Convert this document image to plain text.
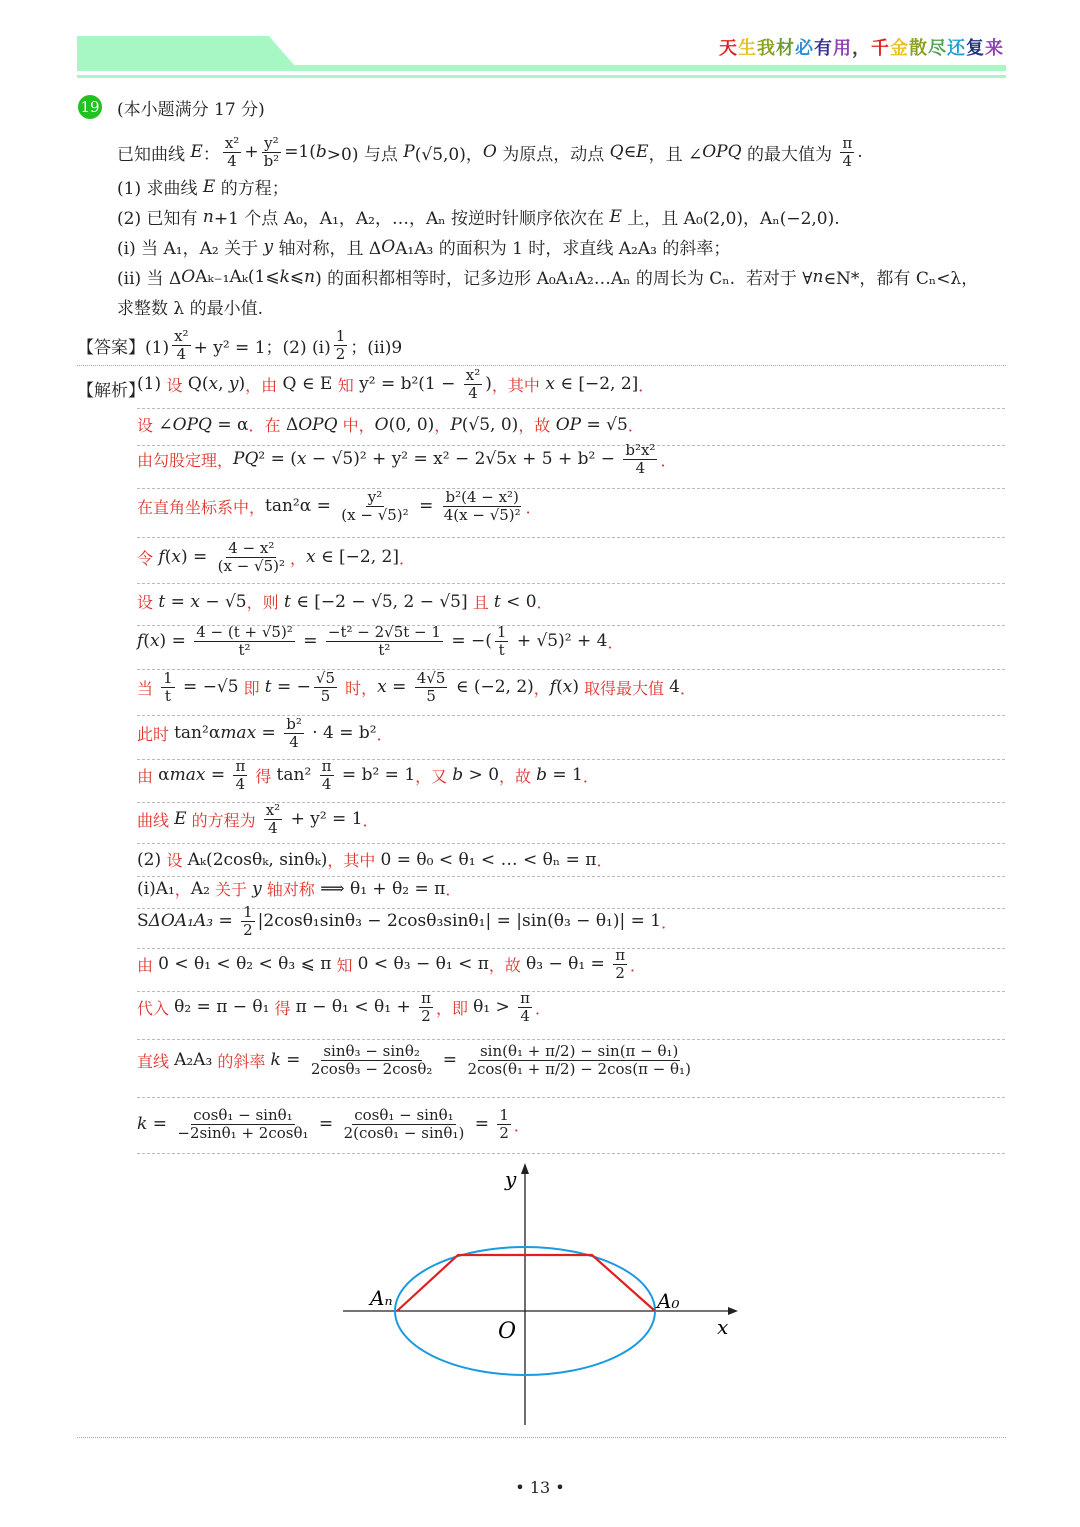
天生我材必有用，千金散尽还复来
19
y
x
O
A₀
Aₙ
• 13 •
(本小题满分 17 分)
已知曲线 E ： $\frac{\text{x²}}{4} + \frac{\text{y²}}{\text{b²}} =1$( b >0) 与点 P (√5,0)， O 为原点，动点 Q ∈ E ，且 ∠ OPQ 的最大值为 $\frac{\pi}{4}$ .
(1) 求曲线 E 的方程；
(2) 已知有 n +1 个点 A₀，A₁，A₂，…，Aₙ 按逆时针顺序依次在 E 上，且 A₀(2,0)，Aₙ(−2,0).
(i) 当 A₁，A₂ 关于 y 轴对称，且 Δ O A₁A₃ 的面积为 1 时，求直线 A₂A₃ 的斜率；
(ii) 当 Δ O Aₖ₋₁Aₖ(1⩽ k ⩽ n ) 的面积都相等时，记多边形 A₀A₁A₂…Aₙ 的周长为 Cₙ.  若对于 ∀ n ∈N*，都有 Cₙ<λ，
求整数 λ 的最小值.
【答案】$(1) \frac{\text{x²}}{4} + y^2 = 1$；(2) $(i) \frac{1}{2}$ ；(ii)9
【解析】
(1) 设 Q( x , y ) ，由 Q ∈ E 知 $y^2 = b^2(1 - \frac{\text{x²}}{4}$ ) ，其中
x ∈ [−2, 2] ．
设 ∠ OPQ = α ．在 Δ OPQ 中， O (0, 0) ， P (√5, 0) ，故
OP = √5 ．
由勾股定理， PQ ² = ( x − √5)² + y² = x² − 2√5 $x + 5 + b^2 - \frac{\text{b²x²}}{4}$ ．
在直角坐标系中， $\tan^2\alpha = \frac{\text{y²}}{\text{(x − √5)²}} = \frac{\text{b²(4 − x²)}}{\text{4(x − √5)²}}$ ．
令
f ( x ) = $\frac{\text{4 − x²}}{\text{(x − √5)²}}$ ， x ∈ [−2, 2] ．
设
t = x − √5 ，则
t ∈ [−2 − √5, 2 − √5] 且 t < 0 ．
f ( x ) = $\frac{\text{4 − (t + √5)²}}{\text{t²}} = \frac{\text{−t² − 2√5t − 1}}{\text{t²}}$ = −( $\frac{1}{t} + √5)^2 + 4$ ．
当 $\frac{1}{t} = -√5$ 即 t = − $\frac{√5}{5}$ 时， $x = \frac{4√5}{5}$ ∈ (−2, 2) ， f ( x ) 取得最大值 4 ．
此时 tan²α $\max = \frac{\text{b²}}{4} \cdot 4 = b^2$ ．
由 α $\max = \frac{\pi}{4}$ 得 $\tan^2 \frac{\pi}{4} = b^2 = 1$ ，又 b > 0 ，故 b = 1 ．
曲线 E 的方程为 $\frac{\text{x²}}{4} + y^2 = 1$ ．
(2) 设 Aₖ(2cosθₖ, sinθₖ) ，其中 0 = θ₀ < θ₁ < … < θₙ = π ．
(i)A₁ ， A₂ 关于 y 轴对称 ⟹ θ₁ + θ₂ = π ．
S $\Delta OA_1A_3 = \frac{1}{2} |2\cos\theta_1\sin\theta_3 - 2\cos\theta_3\sin\theta_1| = |\sin(\theta_3 - \theta_1)| = 1$ ．
由 0 < θ₁ < θ₂ < θ₃ ⩽ π 知 0 < θ₃ − θ₁ < π ，故 $\theta_3 - \theta_1 = \frac{\pi}{2}$ ．
代入 θ₂ = π − θ₁ 得 $\pi - \theta_1 < \theta_1 + \frac{\pi}{2}$ ，即 $\theta_1 > \frac{\pi}{4}$ ．
直线 A₂A₃ 的斜率 $k = \frac{\text{sinθ₃ − sinθ₂}}{\text{2cosθ₃ − 2cosθ₂}} = \frac{\text{sin(θ₁ + π/2) − sin(π − θ₁)}}{\text{2cos(θ₁ + π/2) − 2cos(π − θ₁)}}$
$k = \frac{\text{cosθ₁ − sinθ₁}}{\text{−2sinθ₁ + 2cosθ₁}} = \frac{\text{cosθ₁ − sinθ₁}}{\text{2(cosθ₁ − sinθ₁)}} = \frac{1}{2}$ ．
